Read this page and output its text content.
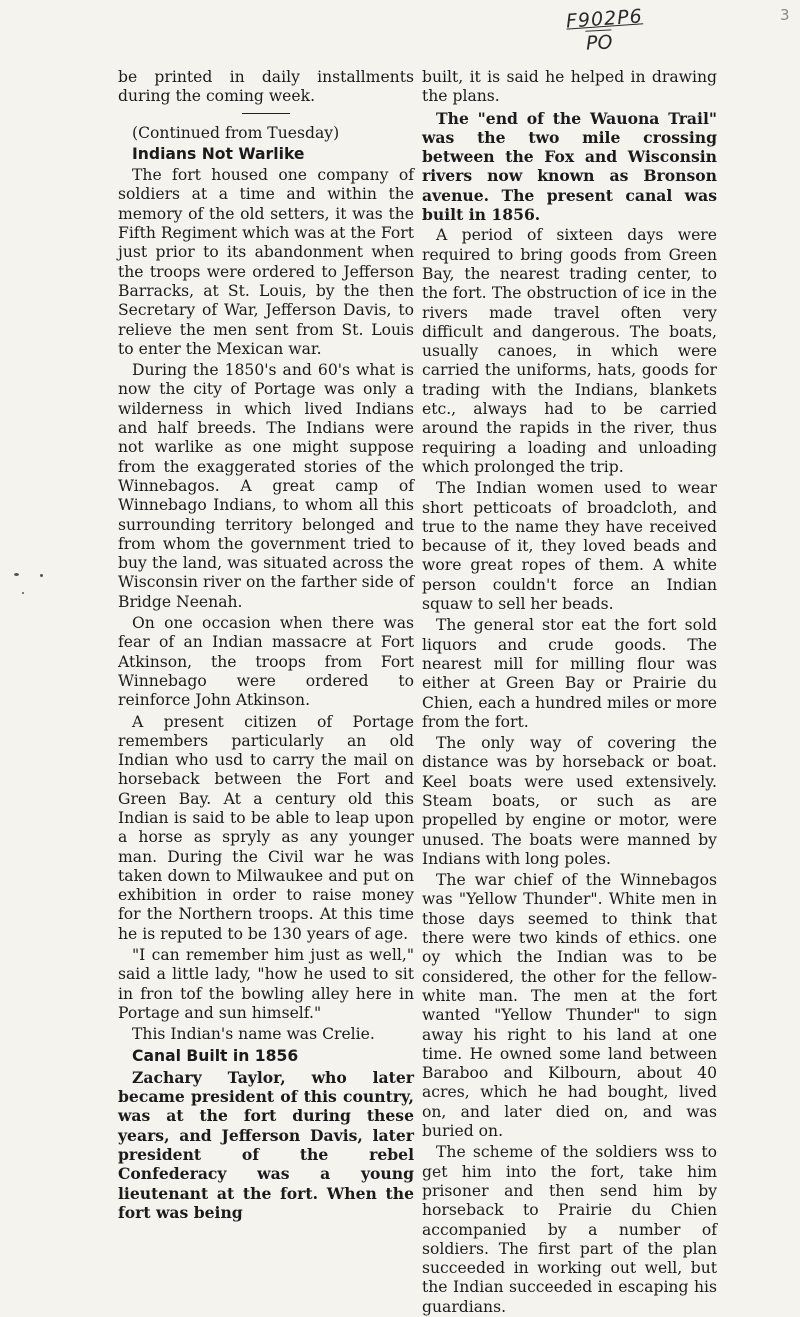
F902P6
PO
3

be printed in daily installments during the coming week.

(Continued from Tuesday)

Indians Not Warlike

The fort housed one company of soldiers at a time and within the memory of the old setters, it was the Fifth Regiment which was at the Fort just prior to its abandonment when the troops were ordered to Jefferson Barracks, at St. Louis, by the then Secretary of War, Jefferson Davis, to relieve the men sent from St. Louis to enter the Mexican war.

During the 1850's and 60's what is now the city of Portage was only a wilderness in which lived Indians and half breeds. The Indians were not warlike as one might suppose from the exaggerated stories of the Winnebagos. A great camp of Winnebago Indians, to whom all this surrounding territory belonged and from whom the government tried to buy the land, was situated across the Wisconsin river on the farther side of Bridge Neenah.

On one occasion when there was fear of an Indian massacre at Fort Atkinson, the troops from Fort Winnebago were ordered to reinforce John Atkinson.

A present citizen of Portage remembers particularly an old Indian who usd to carry the mail on horseback between the Fort and Green Bay. At a century old this Indian is said to be able to leap upon a horse as spryly as any younger man. During the Civil war he was taken down to Milwaukee and put on exhibition in order to raise money for the Northern troops. At this time he is reputed to be 130 years of age.

"I can remember him just as well," said a little lady, "how he used to sit in fron tof the bowling alley here in Portage and sun himself."

This Indian's name was Crelie.

Canal Built in 1856

Zachary Taylor, who later became president of this country, was at the fort during these years, and Jefferson Davis, later president of the rebel Confederacy was a young lieutenant at the fort. When the fort was being

built, it is said he helped in drawing the plans.

The "end of the Wauona Trail" was the two mile crossing between the Fox and Wisconsin rivers now known as Bronson avenue. The present canal was built in 1856.

A period of sixteen days were required to bring goods from Green Bay, the nearest trading center, to the fort. The obstruction of ice in the rivers made travel often very difficult and dangerous. The boats, usually canoes, in which were carried the uniforms, hats, goods for trading with the Indians, blankets etc., always had to be carried around the rapids in the river, thus requiring a loading and unloading which prolonged the trip.

The Indian women used to wear short petticoats of broadcloth, and true to the name they have received because of it, they loved beads and wore great ropes of them. A white person couldn't force an Indian squaw to sell her beads.

The general stor eat the fort sold liquors and crude goods. The nearest mill for milling flour was either at Green Bay or Prairie du Chien, each a hundred miles or more from the fort.

The only way of covering the distance was by horseback or boat. Keel boats were used extensively. Steam boats, or such as are propelled by engine or motor, were unused. The boats were manned by Indians with long poles.

The war chief of the Winnebagos was "Yellow Thunder". White men in those days seemed to think that there were two kinds of ethics. one oy which the Indian was to be considered, the other for the fellow-white man. The men at the fort wanted "Yellow Thunder" to sign away his right to his land at one time. He owned some land between Baraboo and Kilbourn, about 40 acres, which he had bought, lived on, and later died on, and was buried on.

The scheme of the soldiers wss to get him into the fort, take him prisoner and then send him by horseback to Prairie du Chien accompanied by a number of soldiers. The first part of the plan succeeded in working out well, but the Indian succeeded in escaping his guardians.
